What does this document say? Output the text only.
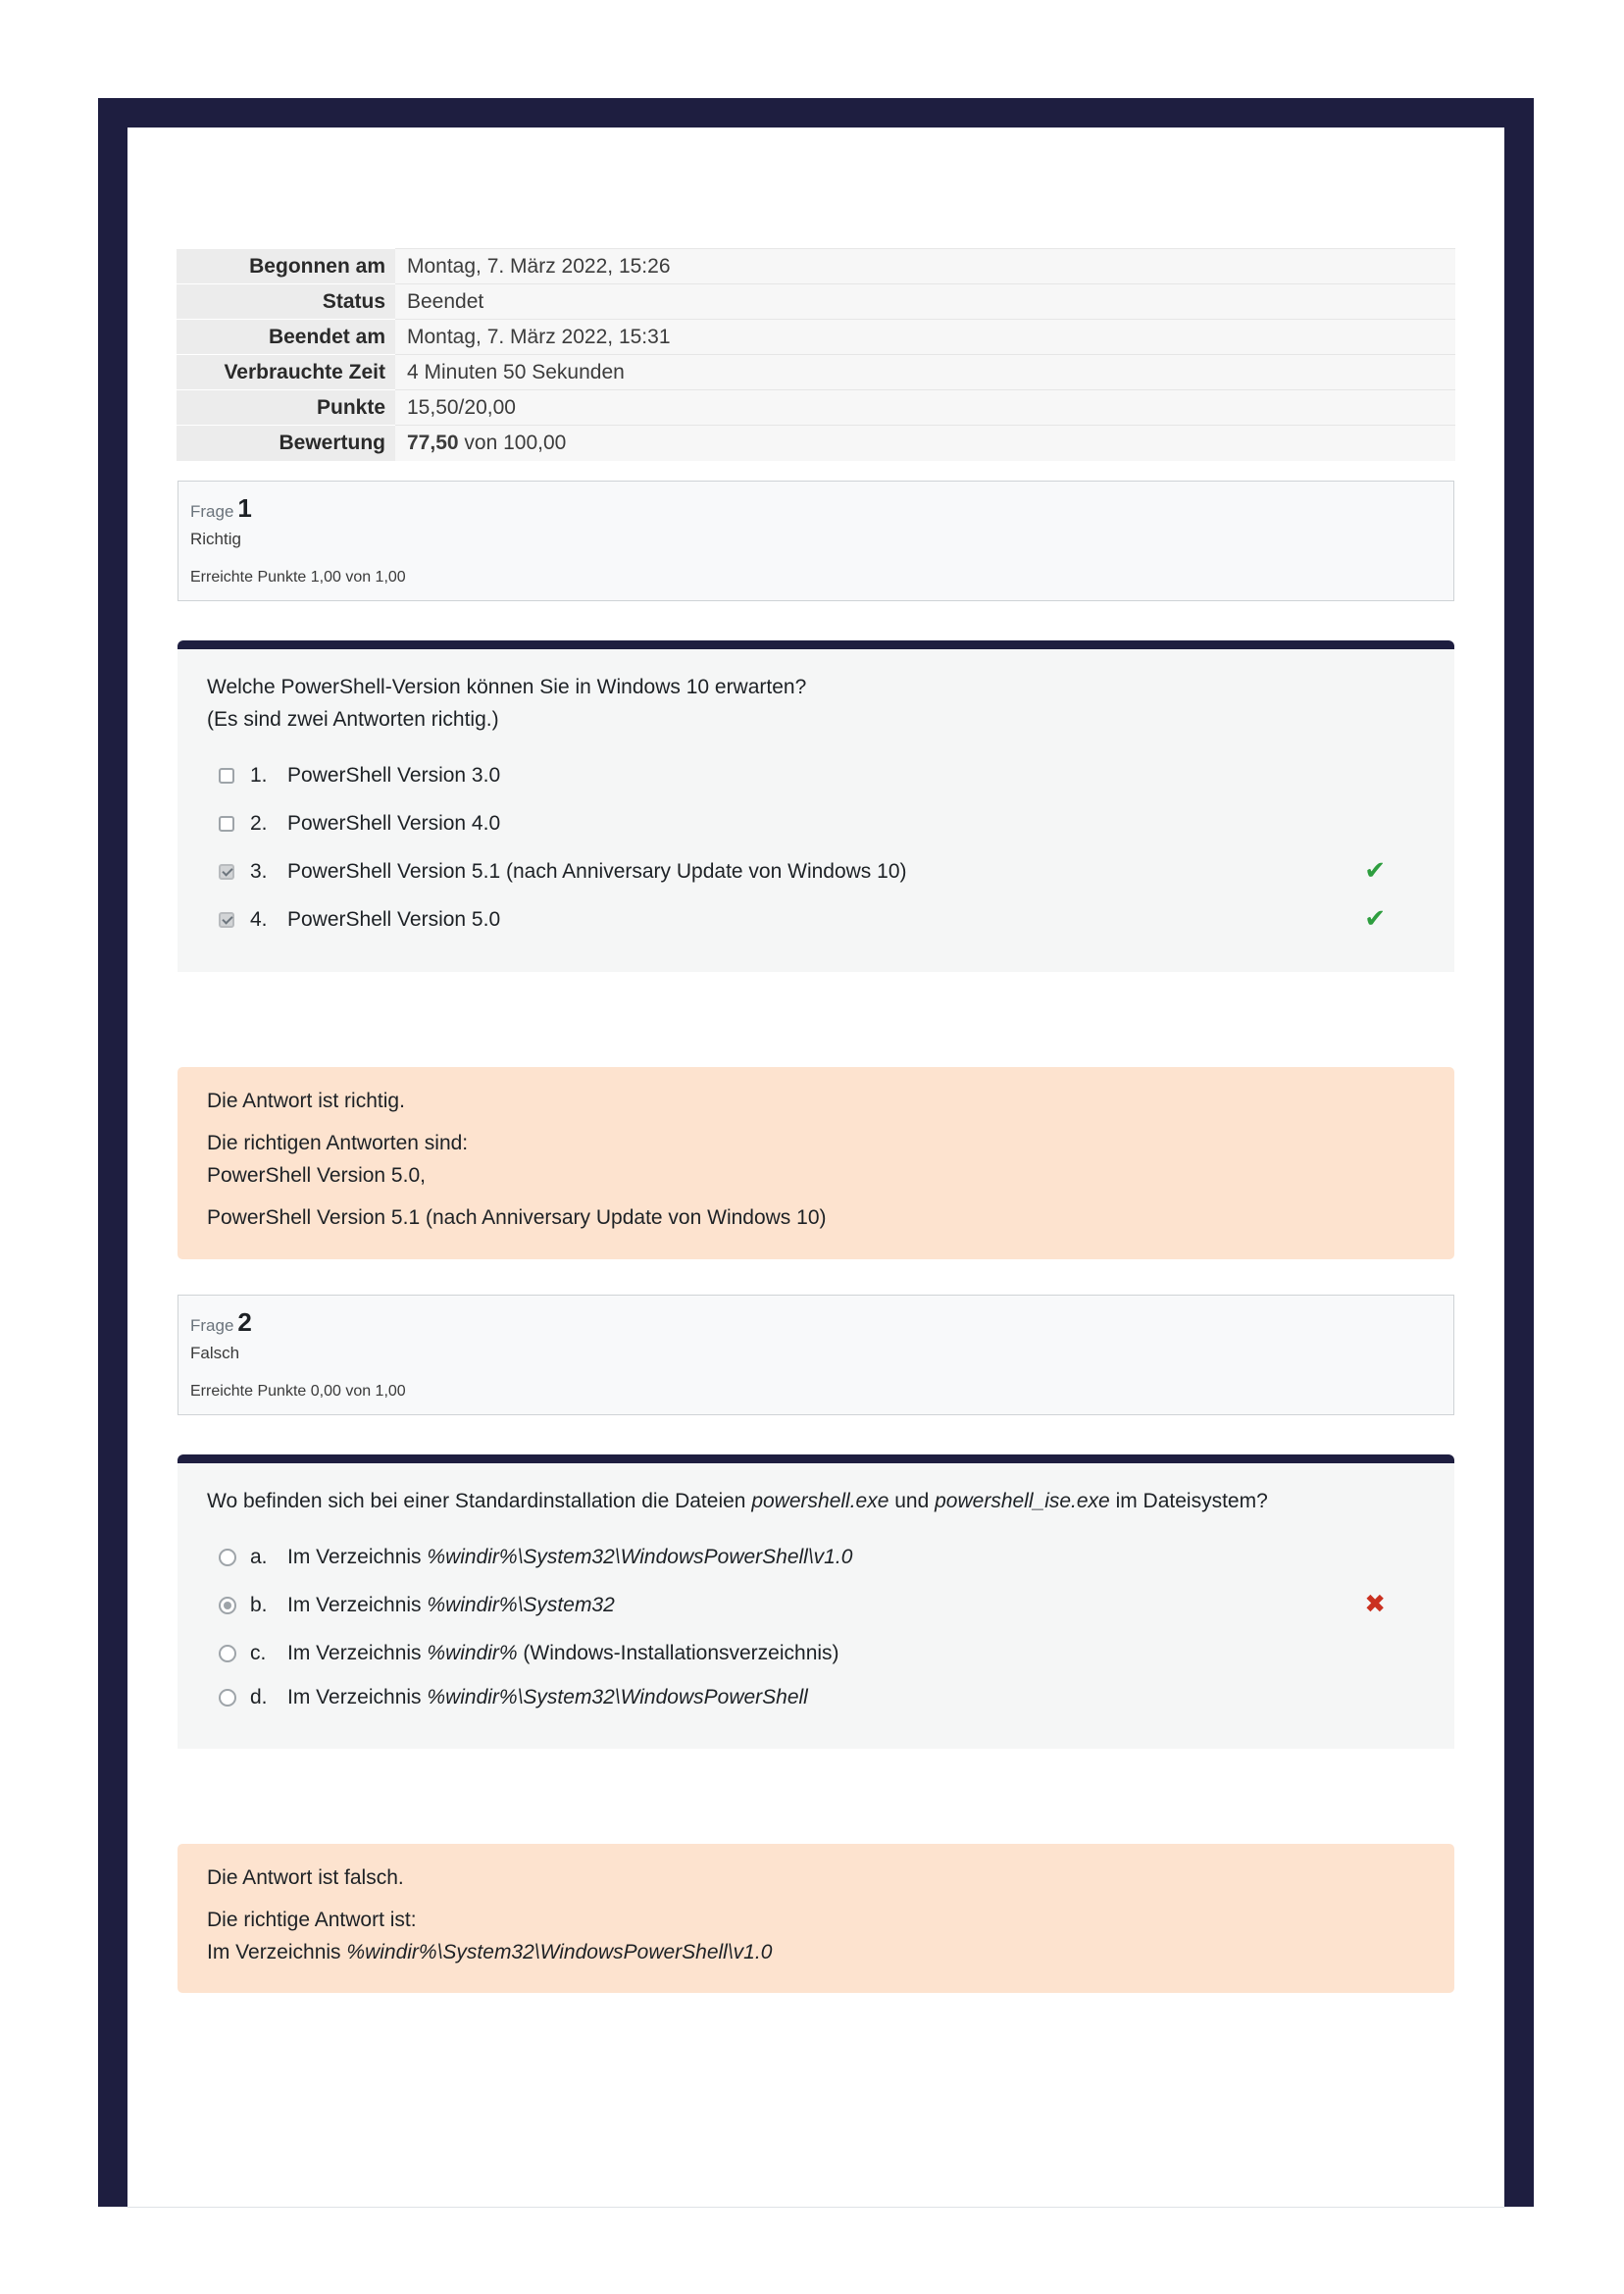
Begonnen am	Montag, 7. März 2022, 15:26
Status	Beendet
Beendet am	Montag, 7. März 2022, 15:31
Verbrauchte Zeit	4 Minuten 50 Sekunden
Punkte	15,50/20,00
Bewertung	77,50 von 100,00
Frage 1
Richtig
Erreichte Punkte 1,00 von 1,00
Welche PowerShell-Version können Sie in Windows 10 erwarten?
(Es sind zwei Antworten richtig.)
1. PowerShell Version 3.0
2. PowerShell Version 4.0
3. PowerShell Version 5.1 (nach Anniversary Update von Windows 10)	✔
4. PowerShell Version 5.0	✔
Die Antwort ist richtig.
Die richtigen Antworten sind:
PowerShell Version 5.0,
PowerShell Version 5.1 (nach Anniversary Update von Windows 10)
Frage 2
Falsch
Erreichte Punkte 0,00 von 1,00
Wo befinden sich bei einer Standardinstallation die Dateien powershell.exe und powershell_ise.exe im Dateisystem?
a. Im Verzeichnis %windir%\System32\WindowsPowerShell\v1.0
b. Im Verzeichnis %windir%\System32	✖
c.	Im Verzeichnis %windir% (Windows-Installationsverzeichnis)
d. Im Verzeichnis %windir%\System32\WindowsPowerShell
Die Antwort ist falsch.
Die richtige Antwort ist:
Im Verzeichnis %windir%\System32\WindowsPowerShell\v1.0
